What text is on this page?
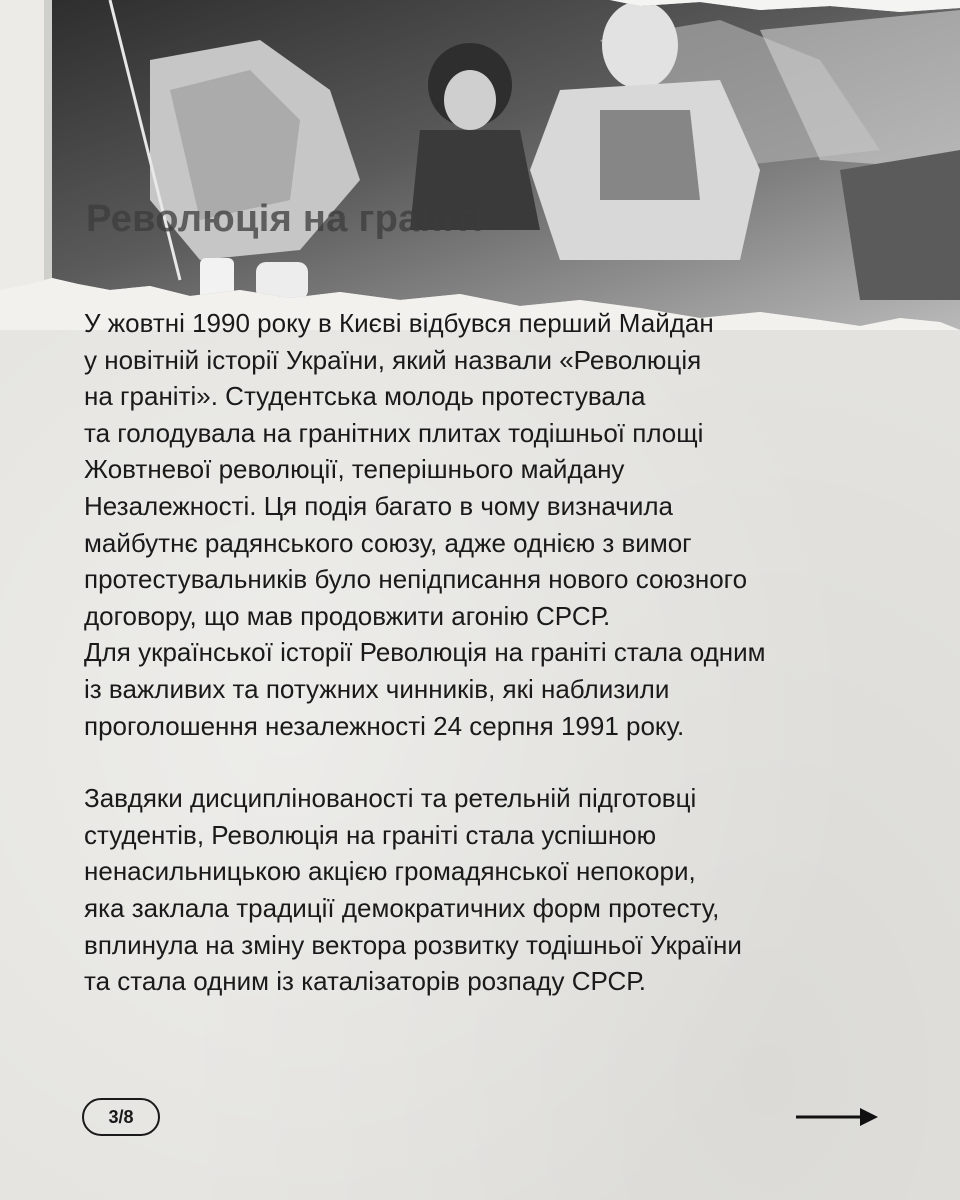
Революція на граніті

У жовтні 1990 року в Києві відбувся перший Майдан
у новітній історії України, який назвали «Революція
на граніті». Студентська молодь протестувала
та голодувала на гранітних плитах тодішньої площі
Жовтневої революції, теперішнього майдану
Незалежності. Ця подія багато в чому визначила
майбутнє радянського союзу, адже однією з вимог
протестувальників було непідписання нового союзного
договору, що мав продовжити агонію СРСР.
Для української історії Революція на граніті стала одним
із важливих та потужних чинників, які наблизили
проголошення незалежності 24 серпня 1991 року.

Завдяки дисциплінованості та ретельній підготовці
студентів, Революція на граніті стала успішною
ненасильницькою акцією громадянської непокори,
яка заклала традиції демократичних форм протесту,
вплинула на зміну вектора розвитку тодішньої України
та стала одним із каталізаторів розпаду СРСР.

3/8
